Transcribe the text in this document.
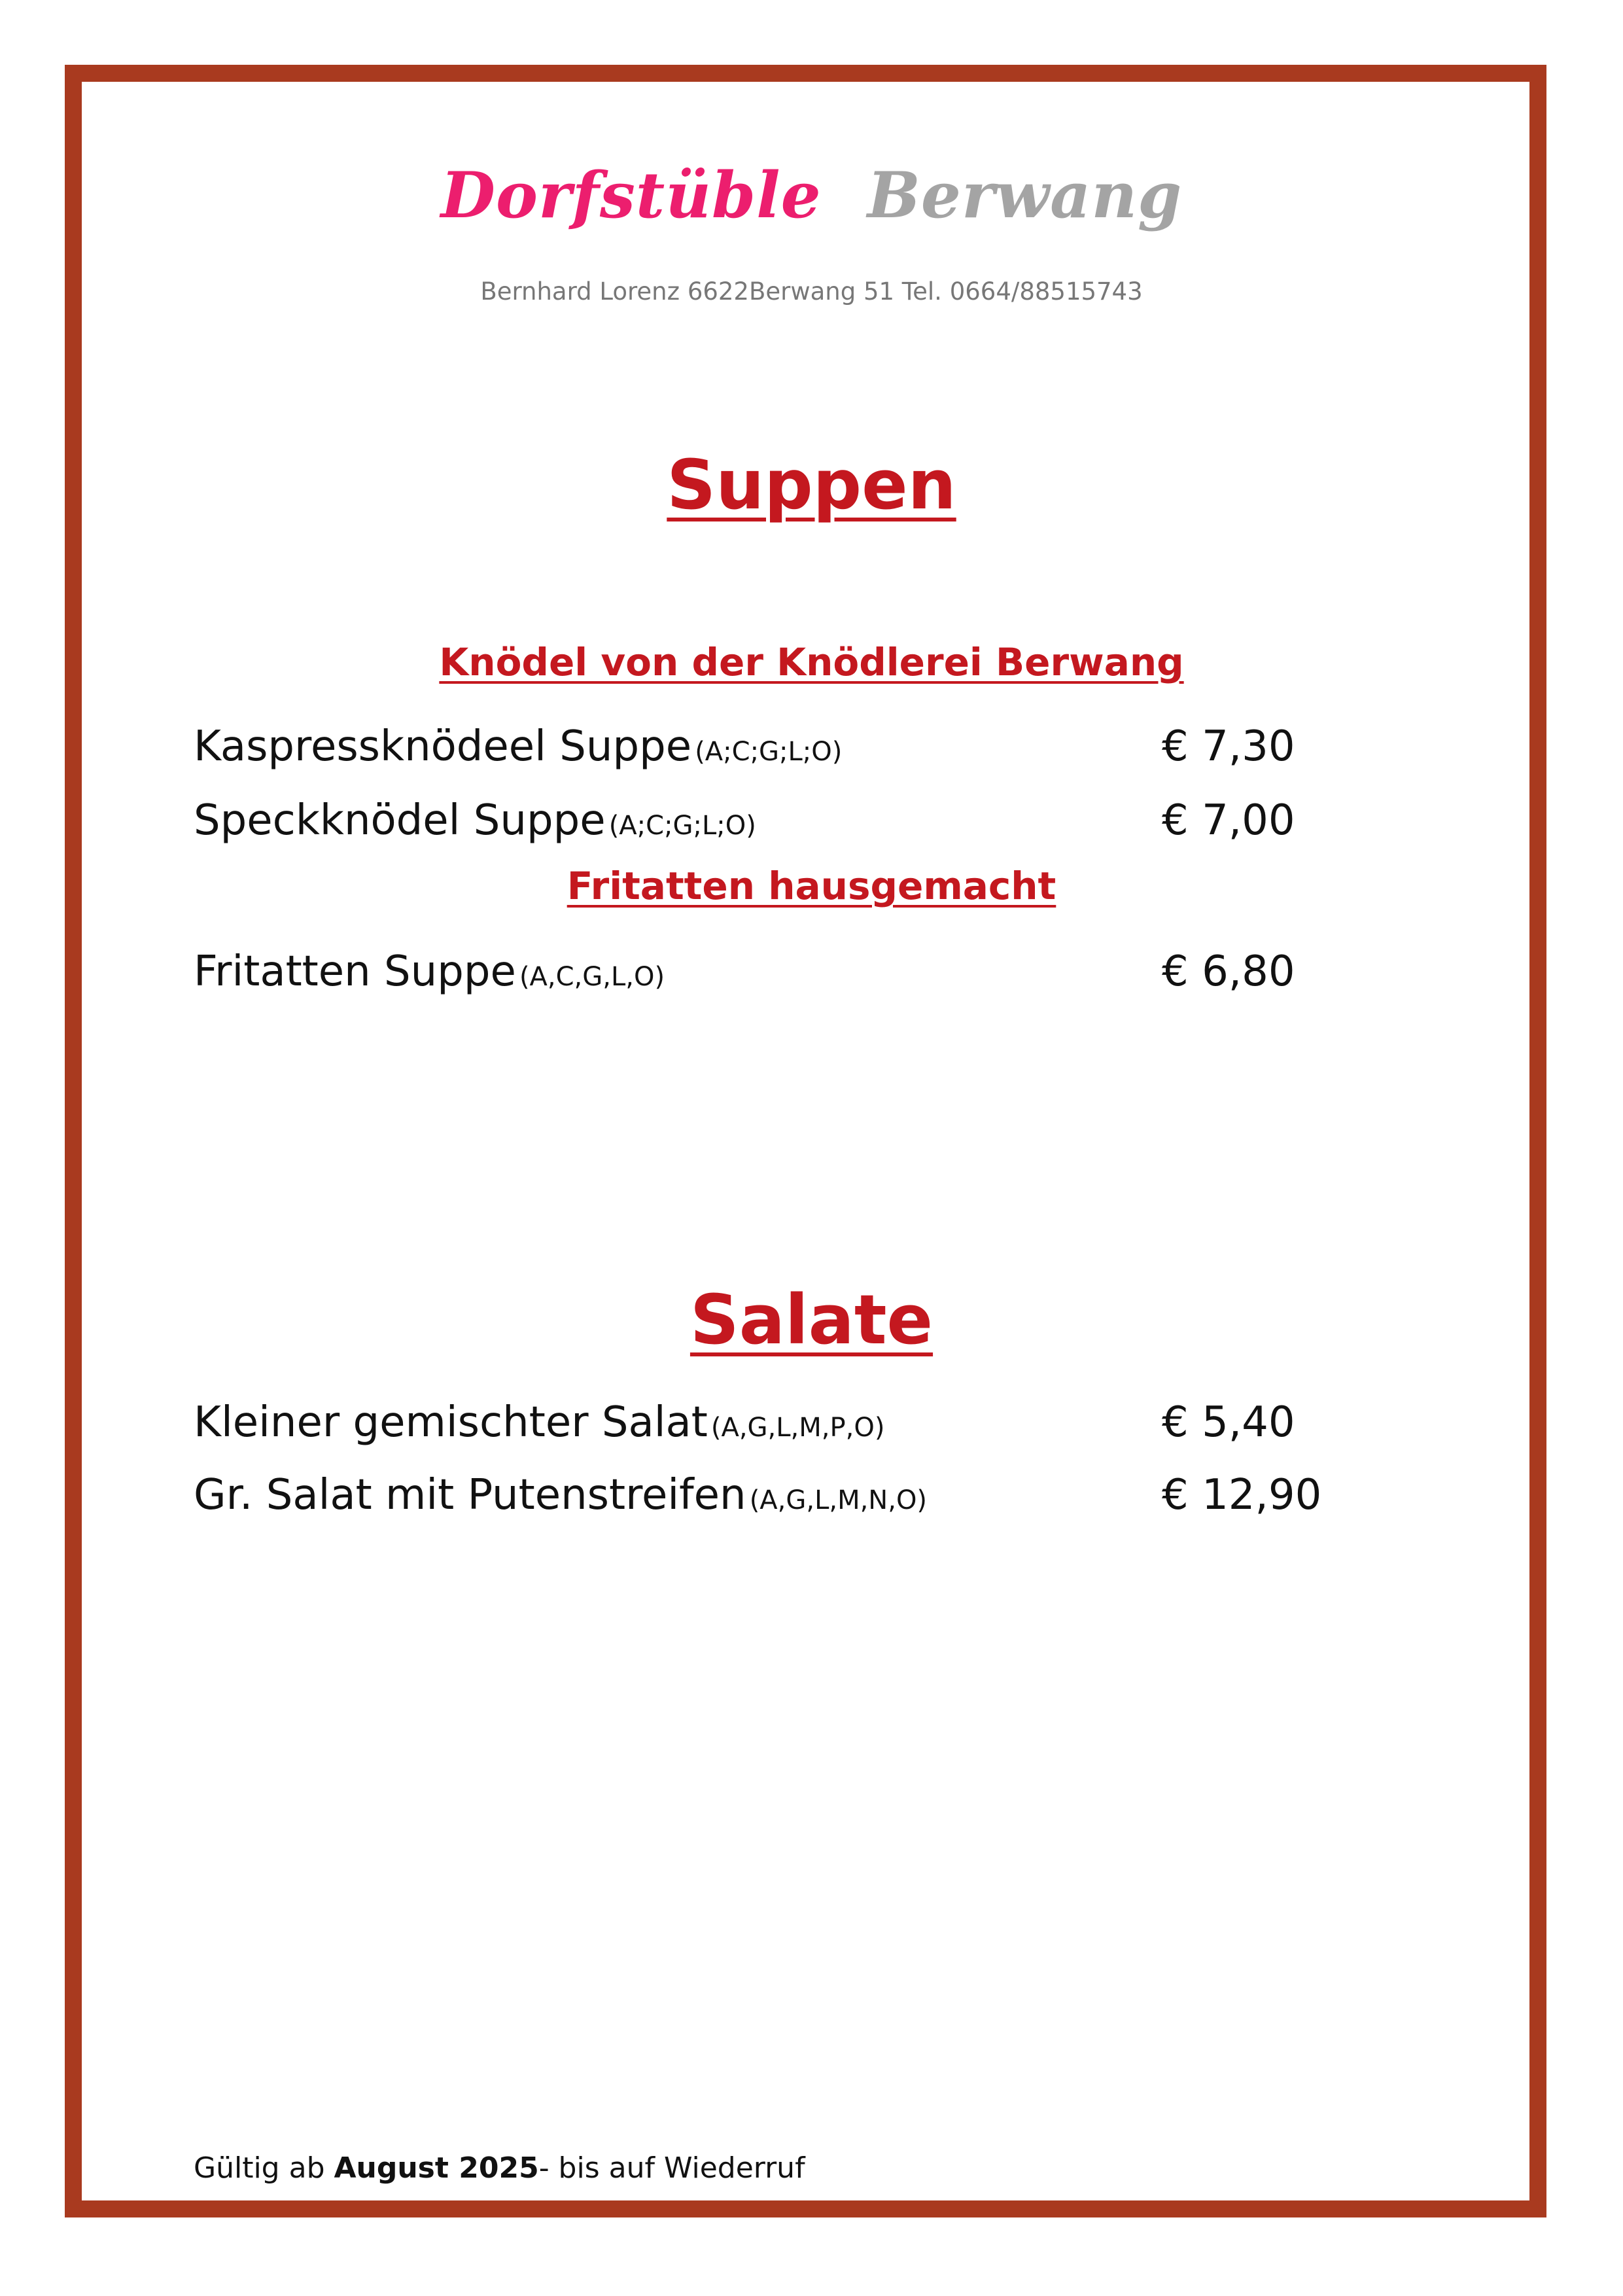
Dorfstüble Berwang
Bernhard Lorenz 6622Berwang 51 Tel. 0664/88515743
Suppen
Knödel von der Knödlerei Berwang
Kaspressknödeel Suppe (A;C;G;L;O)	€ 7,30
Speckknödel Suppe (A;C;G;L;O)	€ 7,00
Fritatten hausgemacht
Fritatten Suppe (A,C,G,L,O)	€ 6,80
Salate
Kleiner gemischter Salat (A,G,L,M,P,O)	€ 5,40
Gr. Salat mit Putenstreifen (A,G,L,M,N,O)	€ 12,90
Gültig ab August 2025- bis auf Wiederruf
